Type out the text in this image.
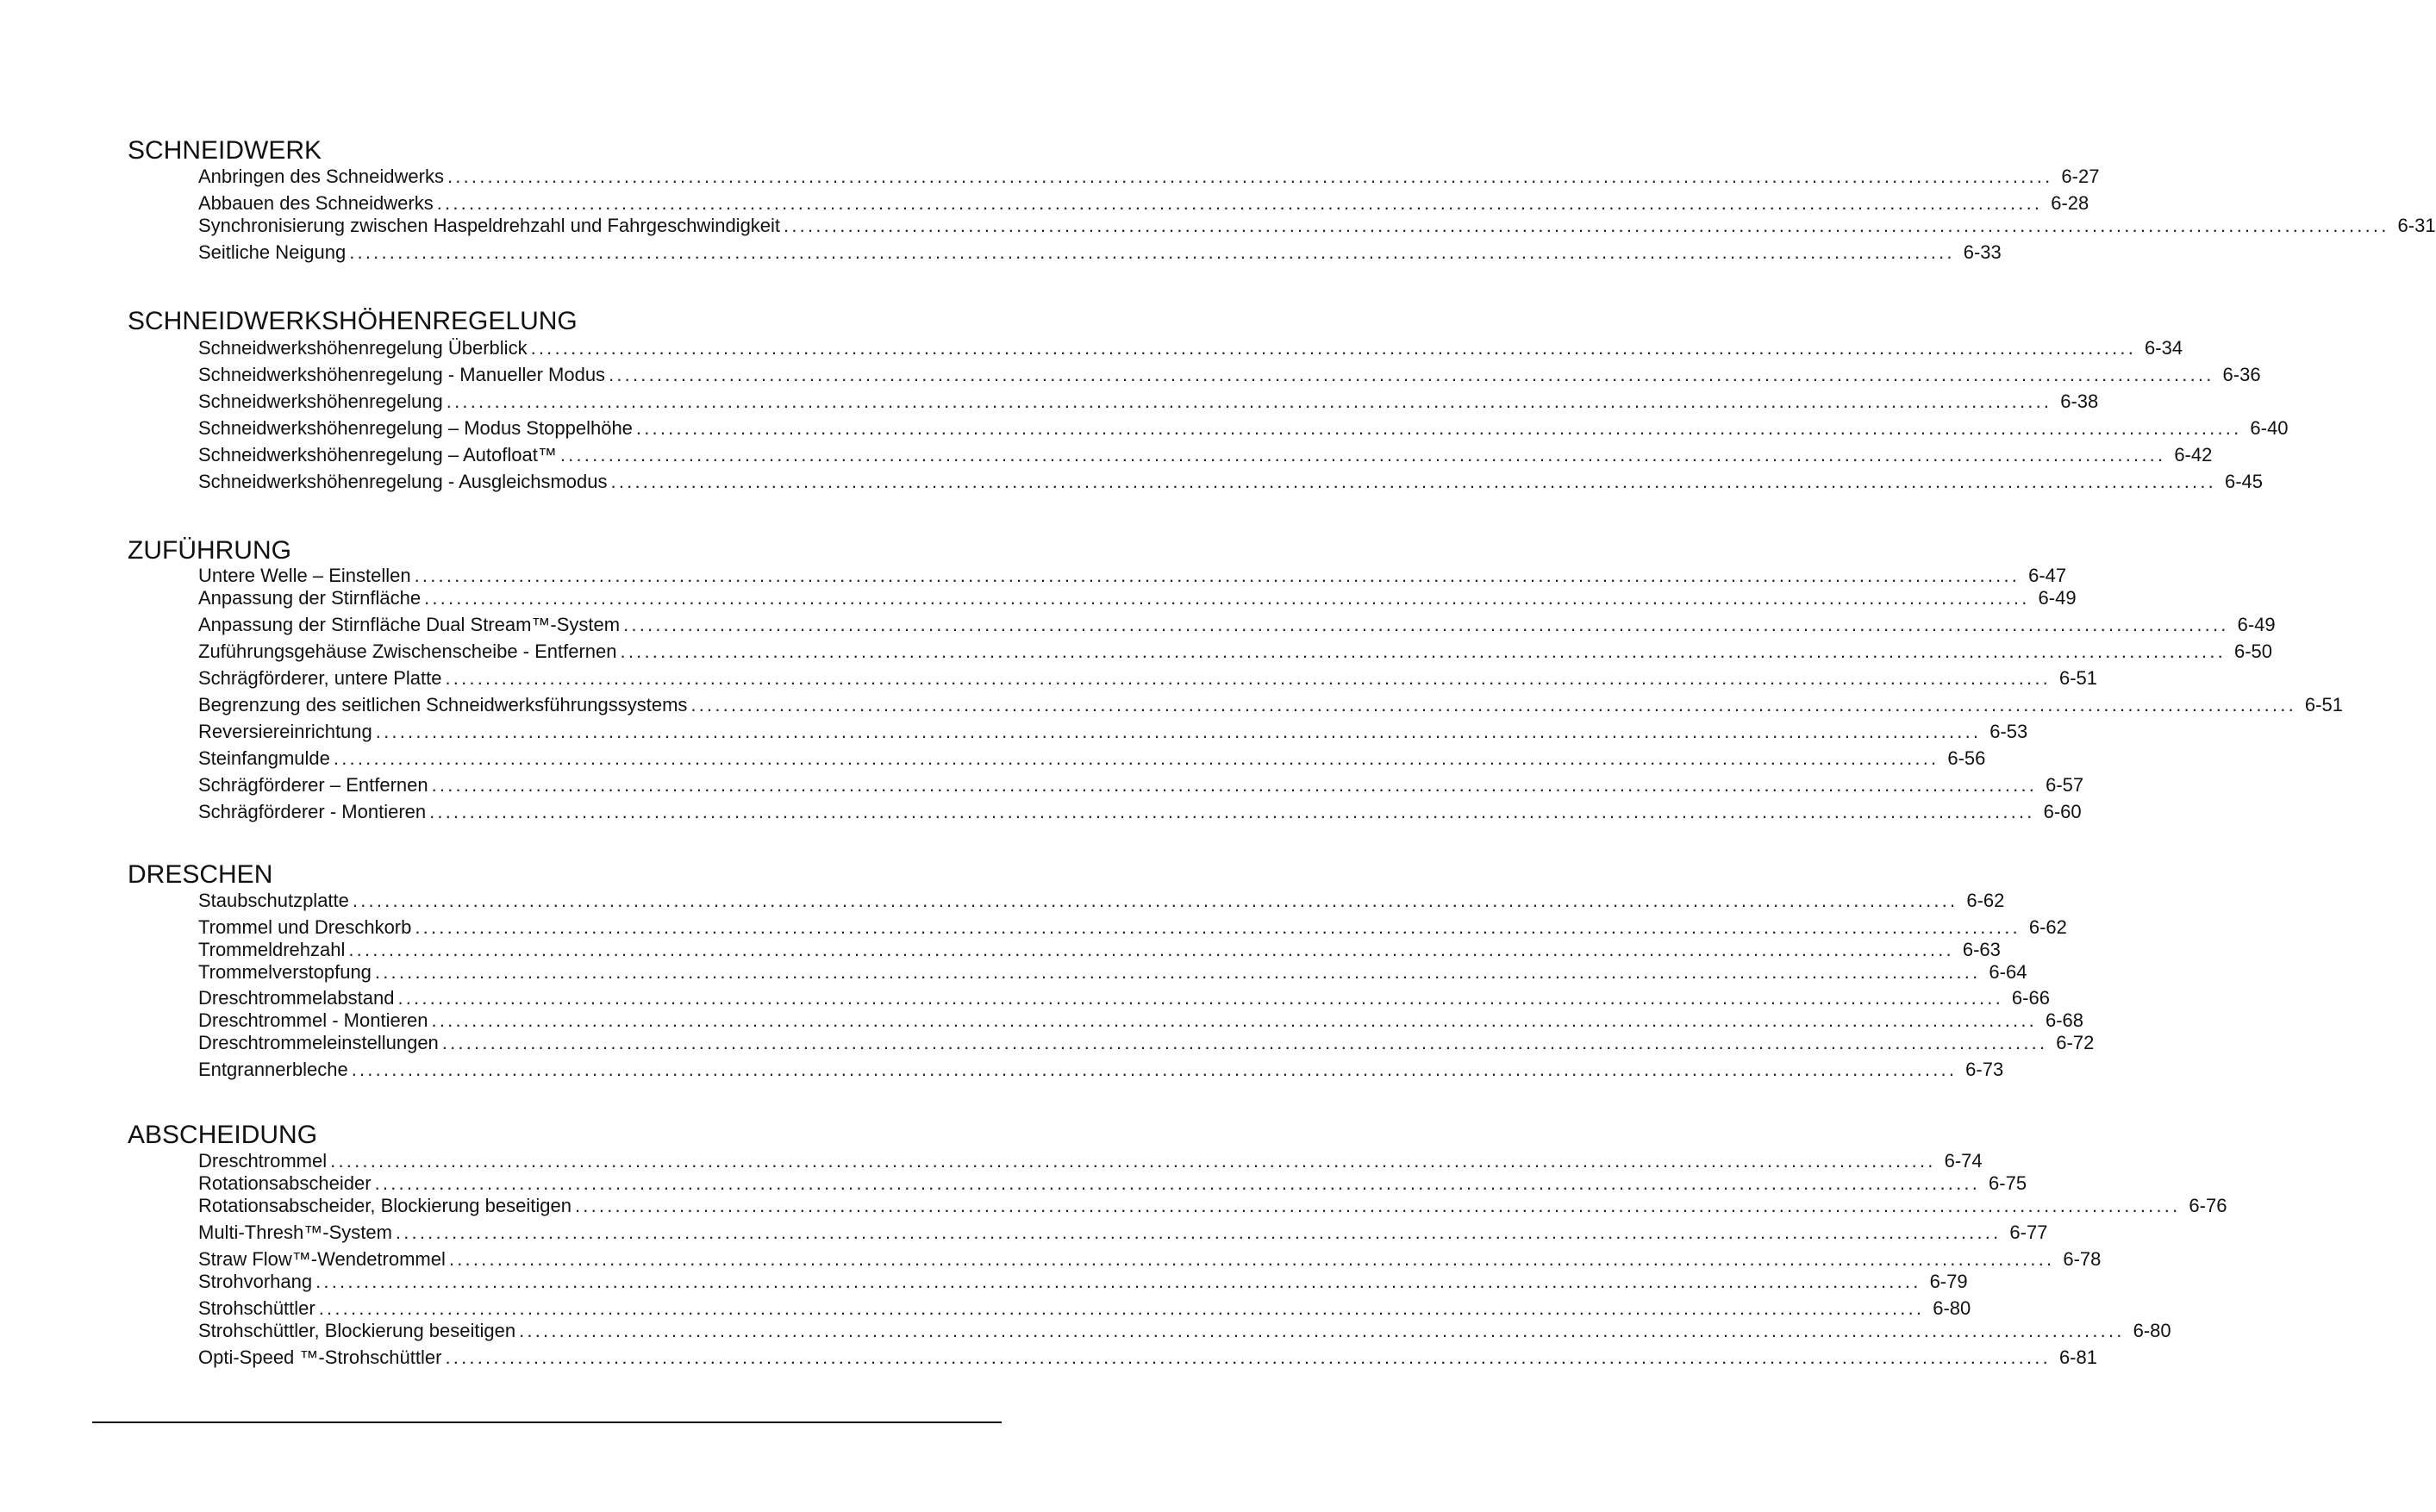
SCHNEIDWERK
Anbringen des Schneidwerks ........................................................................................................................................................................................................ 6-27
Abbauen des Schneidwerks ........................................................................................................................................................................................................ 6-28
Synchronisierung zwischen Haspeldrehzahl und Fahrgeschwindigkeit ........................................................................................................................................................................................................ 6-31
Seitliche Neigung ........................................................................................................................................................................................................ 6-33
SCHNEIDWERKSHÖHENREGELUNG
Schneidwerkshöhenregelung Überblick ........................................................................................................................................................................................................ 6-34
Schneidwerkshöhenregelung - Manueller Modus ........................................................................................................................................................................................................ 6-36
Schneidwerkshöhenregelung ........................................................................................................................................................................................................ 6-38
Schneidwerkshöhenregelung – Modus Stoppelhöhe ........................................................................................................................................................................................................ 6-40
Schneidwerkshöhenregelung – Autofloat™ ........................................................................................................................................................................................................ 6-42
Schneidwerkshöhenregelung - Ausgleichsmodus ........................................................................................................................................................................................................ 6-45
ZUFÜHRUNG
Untere Welle – Einstellen ........................................................................................................................................................................................................ 6-47
Anpassung der Stirnfläche ........................................................................................................................................................................................................ 6-49
Anpassung der Stirnfläche Dual Stream™-System ........................................................................................................................................................................................................ 6-49
Zuführungsgehäuse Zwischenscheibe - Entfernen ........................................................................................................................................................................................................ 6-50
Schrägförderer, untere Platte ........................................................................................................................................................................................................ 6-51
Begrenzung des seitlichen Schneidwerksführungssystems ........................................................................................................................................................................................................ 6-51
Reversiereinrichtung ........................................................................................................................................................................................................ 6-53
Steinfangmulde ........................................................................................................................................................................................................ 6-56
Schrägförderer – Entfernen ........................................................................................................................................................................................................ 6-57
Schrägförderer - Montieren ........................................................................................................................................................................................................ 6-60
DRESCHEN
Staubschutzplatte ........................................................................................................................................................................................................ 6-62
Trommel und Dreschkorb ........................................................................................................................................................................................................ 6-62
Trommeldrehzahl ........................................................................................................................................................................................................ 6-63
Trommelverstopfung ........................................................................................................................................................................................................ 6-64
Dreschtrommelabstand ........................................................................................................................................................................................................ 6-66
Dreschtrommel - Montieren ........................................................................................................................................................................................................ 6-68
Dreschtrommeleinstellungen ........................................................................................................................................................................................................ 6-72
Entgrannerbleche ........................................................................................................................................................................................................ 6-73
ABSCHEIDUNG
Dreschtrommel ........................................................................................................................................................................................................ 6-74
Rotationsabscheider ........................................................................................................................................................................................................ 6-75
Rotationsabscheider, Blockierung beseitigen ........................................................................................................................................................................................................ 6-76
Multi-Thresh™-System ........................................................................................................................................................................................................ 6-77
Straw Flow™-Wendetrommel ........................................................................................................................................................................................................ 6-78
Strohvorhang ........................................................................................................................................................................................................ 6-79
Strohschüttler ........................................................................................................................................................................................................ 6-80
Strohschüttler, Blockierung beseitigen ........................................................................................................................................................................................................ 6-80
Opti-Speed ™-Strohschüttler ........................................................................................................................................................................................................ 6-81
